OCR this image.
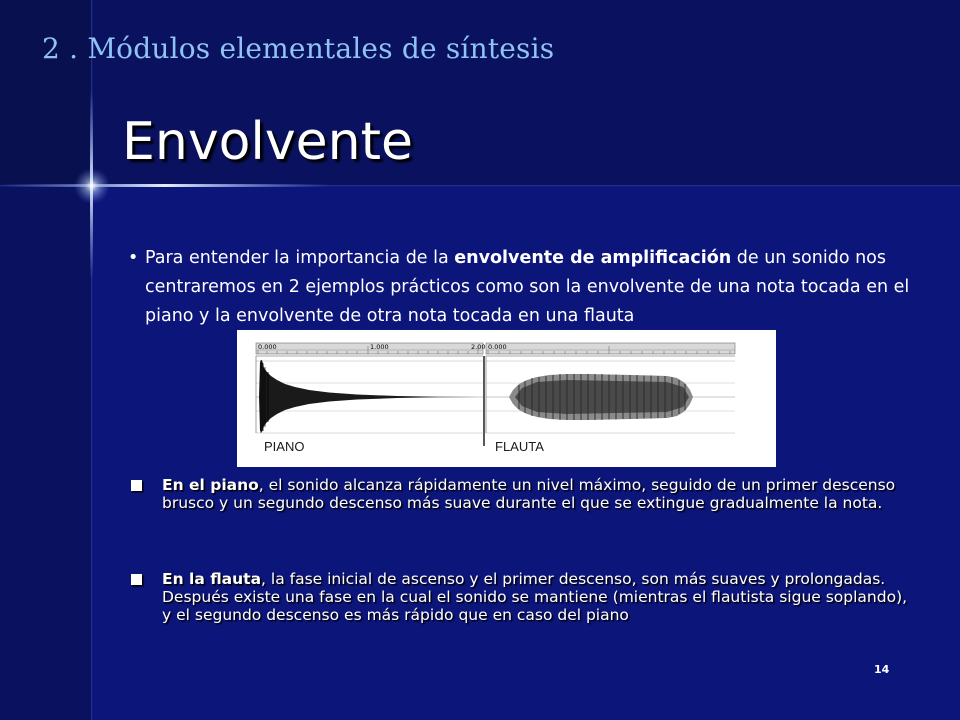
2 . Módulos elementales de síntesis
Envolvente
• Para entender la importancia de la envolvente de amplificación de un sonido nos centraremos en 2 ejemplos prácticos como son la envolvente de una nota tocada en el piano y la envolvente de otra nota tocada en una flauta
0.000	1.000	2.00
PIANO
0.000
FLAUTA
En el piano, el sonido alcanza rápidamente un nivel máximo, seguido de un primer descenso brusco y un segundo descenso más suave durante el que se extingue gradualmente la nota.
En la flauta, la fase inicial de ascenso y el primer descenso, son más suaves y prolongadas. Después existe una fase en la cual el sonido se mantiene (mientras el flautista sigue soplando), y el segundo descenso es más rápido que en caso del piano
14
